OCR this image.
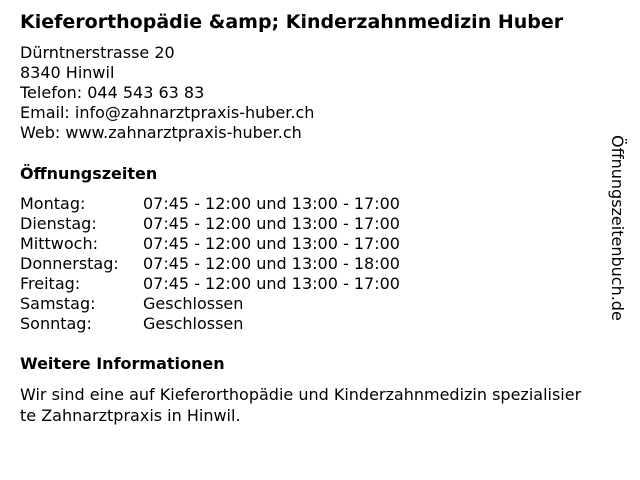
Kieferorthopädie &amp; Kinderzahnmedizin Huber
Dürntnerstrasse 20
8340 Hinwil
Telefon: 044 543 63 83
Email: info@zahnarztpraxis-huber.ch
Web: www.zahnarztpraxis-huber.ch
Öffnungszeiten
Montag:	07:45 - 12:00 und 13:00 - 17:00
Dienstag:	07:45 - 12:00 und 13:00 - 17:00
Mittwoch:	07:45 - 12:00 und 13:00 - 17:00
Donnerstag: 07:45 - 12:00 und 13:00 - 18:00
Freitag:	07:45 - 12:00 und 13:00 - 17:00
Samstag:	Geschlossen
Sonntag:	Geschlossen
Weitere Informationen
Wir sind eine auf Kieferorthopädie und Kinderzahnmedizin spezialisier
te Zahnarztpraxis in Hinwil.
Öffnungszeitenbuch.de
